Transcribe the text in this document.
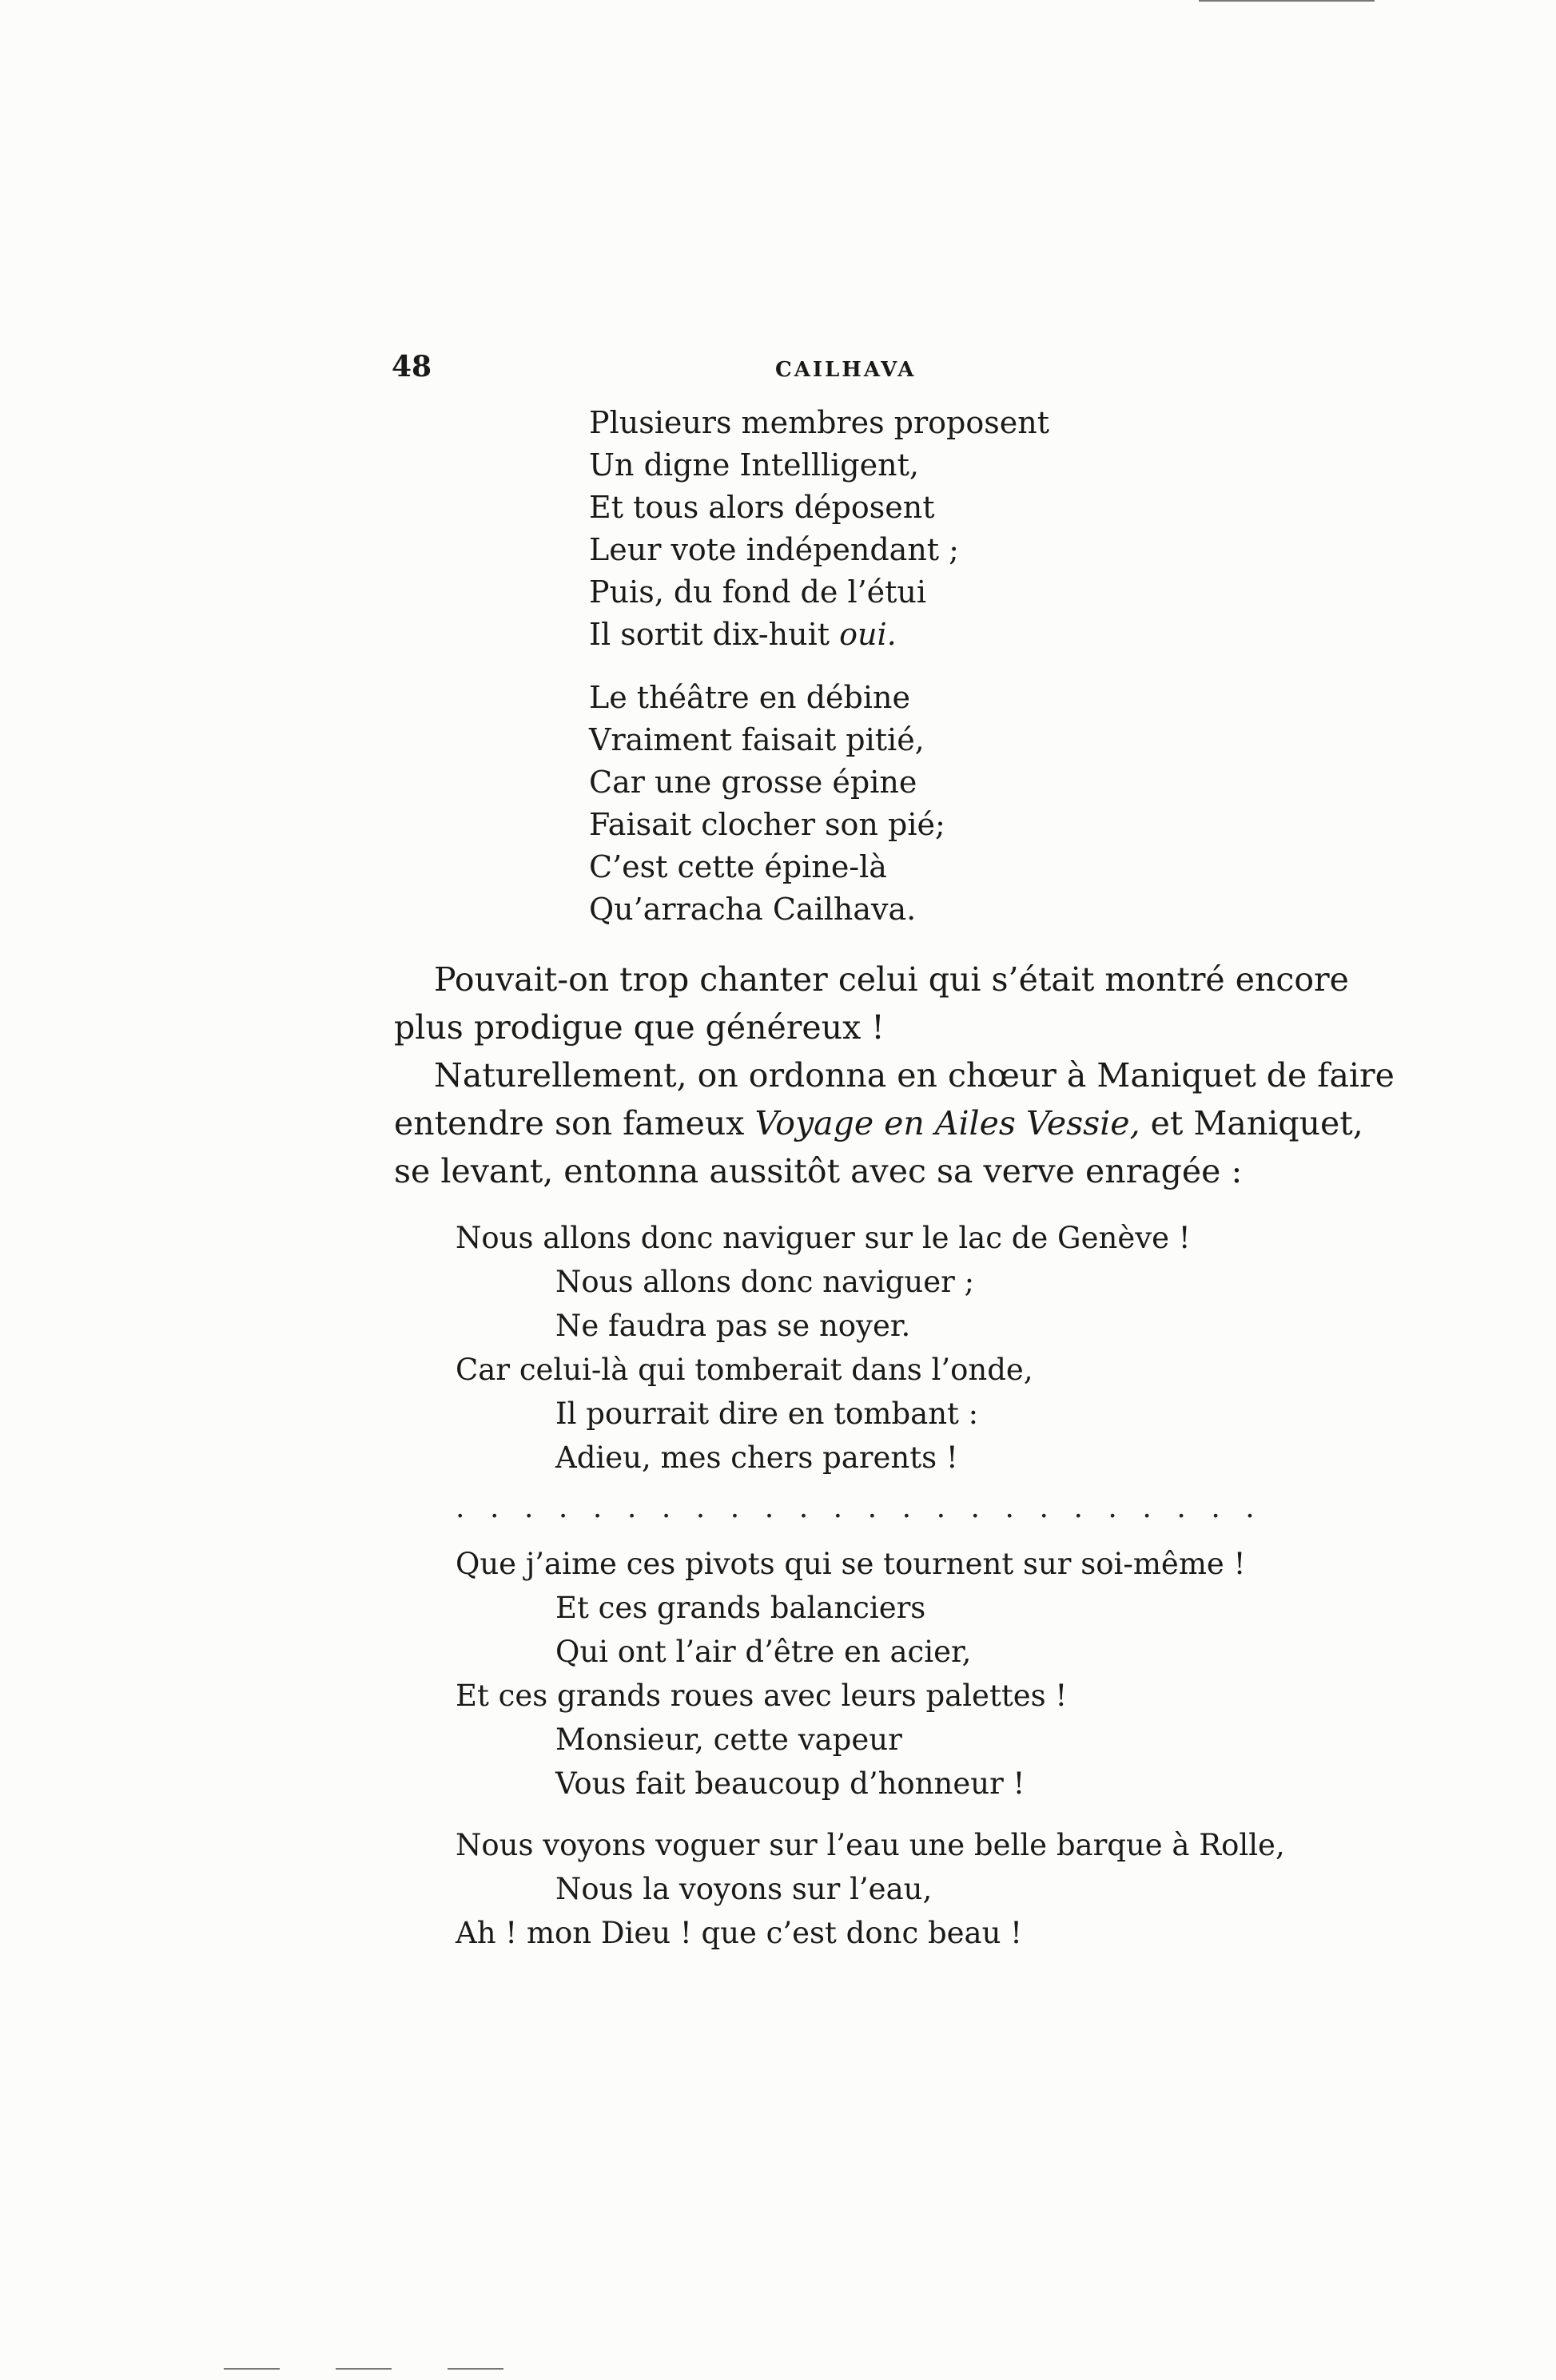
48	CAILHAVA
Plusieurs membres proposent
Un digne Intellligent,
Et tous alors déposent
Leur vote indépendant ;
Puis, du fond de l’étui
Il sortit dix-huit oui.
Le théâtre en débine
Vraiment faisait pitié,
Car une grosse épine
Faisait clocher son pié;
C’est cette épine-là
Qu’arracha Cailhava.
Pouvait-on trop chanter celui qui s’était montré encore
plus prodigue que généreux !
Naturellement, on ordonna en chœur à Maniquet de faire
entendre son fameux Voyage en Ailes Vessie, et Maniquet,
se levant, entonna aussitôt avec sa verve enragée :
Nous allons donc naviguer sur le lac de Genève !
Nous allons donc naviguer ;
Ne faudra pas se noyer.
Car celui-là qui tomberait dans l’onde,
Il pourrait dire en tombant :
Adieu, mes chers parents !
. . . . . . . . . . . . . . . . . . . . . . . .
Que j’aime ces pivots qui se tournent sur soi-même !
Et ces grands balanciers
Qui ont l’air d’être en acier,
Et ces grands roues avec leurs palettes !
Monsieur, cette vapeur
Vous fait beaucoup d’honneur !
Nous voyons voguer sur l’eau une belle barque à Rolle,
Nous la voyons sur l’eau,
Ah ! mon Dieu ! que c’est donc beau !
